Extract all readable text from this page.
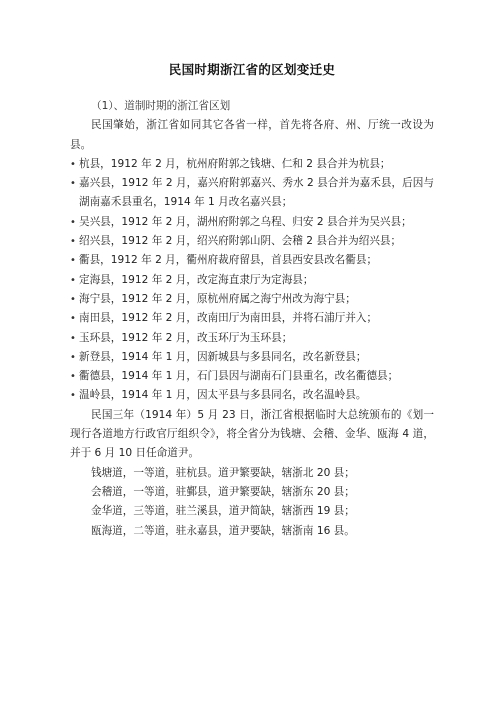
民国时期浙江省的区划变迁史

（1）、道制时期的浙江省区划

民国肇始，浙江省如同其它各省一样，首先将各府、州、厅统一改设为县。

• 杭县，1912 年 2 月，杭州府附郭之钱塘、仁和 2 县合并为杭县；

• 嘉兴县，1912 年 2 月，嘉兴府附郭嘉兴、秀水 2 县合并为嘉禾县，后因与湖南嘉禾县重名，1914 年 1 月改名嘉兴县；

• 吴兴县，1912 年 2 月，湖州府附郭之乌程、归安 2 县合并为吴兴县；

• 绍兴县，1912 年 2 月，绍兴府附郭山阴、会稽 2 县合并为绍兴县；

• 衢县，1912 年 2 月，衢州府裁府留县，首县西安县改名衢县；

• 定海县，1912 年 2 月，改定海直隶厅为定海县；

• 海宁县，1912 年 2 月，原杭州府属之海宁州改为海宁县；

• 南田县，1912 年 2 月，改南田厅为南田县，并将石浦厅并入；

• 玉环县，1912 年 2 月，改玉环厅为玉环县；

• 新登县，1914 年 1 月，因新城县与多县同名，改名新登县；

• 衢德县，1914 年 1 月，石门县因与湖南石门县重名，改名衢德县；

• 温岭县，1914 年 1 月，因太平县与多县同名，改名温岭县。

民国三年（1914 年）5 月 23 日，浙江省根据临时大总统颁布的《划一现行各道地方行政官厅组织令》，将全省分为钱塘、会稽、金华、瓯海 4 道，并于 6 月 10 日任命道尹。

钱塘道，一等道，驻杭县。道尹繁要缺，辖浙北 20 县；

会稽道，一等道，驻鄞县，道尹繁要缺，辖浙东 20 县；

金华道，三等道，驻兰溪县，道尹简缺，辖浙西 19 县；

瓯海道，二等道，驻永嘉县，道尹要缺，辖浙南 16 县。
